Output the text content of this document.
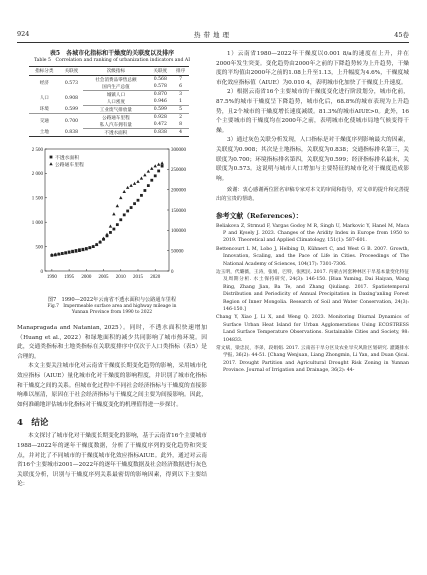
924	热带地理	45卷
表5　各城市化指标和干燥度的关联度以及排序
Table 5　Correlation and ranking of urbanization indicators and AI
指标分类	关联度	次级指标	关联度	排序
经济	0.573	社会消费品零售总额	0.568	7
		国内生产总值	0.578	6
人口	0.908	城镇人口	0.870	3
		人口密度	0.946	1
环境	0.599	工业废气排放量	0.599	5
交通	0.700	公路通车里程	0.928	2
		私人汽车拥有量	0.472	8
土地	0.838	不透水面积	0.838	4
1990 1995 2000 2005 2010 2015 2020
0
500
1 000
1 500
2 000
2 500
0
50000
100000
150000
200000
250000
300000
不透水面积
公路通车里程
图7　1990—2022年云南省不透水面积与公路通车里程
Fig.7　Impermeable surface area and highway mileage in
Yunnan Province from 1990 to 2022

Manapragada and Natanian, 2025）。同时，不透水面积快速增加（Huang et al., 2022）和绿地面积的减少共同影响了城市热环境。因此，交通类指标和土地类指标在关联度排序中仅次于人口类指标（表5）是合理的。

本文主要关注城市化对云南省干燥度长期变化趋势的影响，采用城市化效应指标（AIUE）量化城市化对干燥度的影响程度，并识别了城市化指标和干燥度之间的关系。但城市化过程中不同社会经济指标与干燥度的直接影响难以厘清，原因在于社会经济指标与干燥度之间主要为间接影响。因此，如何准确地评估城市化指标对干燥度变化的机理值得进一步探讨。

4　结论

本文探讨了城市化对干燥度长期变化的影响，基于云南省16个主要城市1988—2022年的逐年干燥度数据，分析了干燥度序列的变化趋势和突变点，并对比了不同城市的干燥度城市化效应指标AIUE。此外，通过对云南省16个主要城市2001—2022年的逐年干燥度数据及社会经济数据进行灰色关联度分析，识别与干燥度序列关系最密切的影响因素，得到以下主要结论：

1）云南省1980—2022年干燥度以0.001 8/a的速度在上升，并在2000年发生突变。变化趋势由2000年之前的下降趋势转为上升趋势，干燥度的平均值由2000年之前的1.08上升至1.13，上升幅度为4.6%，干燥度城市化效应指标值（AIUE）为0.010 4，表明城市化加快了干燥度上升速度。

2）根据云南省16个主要城市的干燥度变化进行阶段划分，城市化前，87.5%的城市干燥度呈下降趋势，城市化后，68.8%的城市表现为上升趋势，且2个城市的干燥度增长速度减缓。81.3%的城市AIUE>0。此外，16个主要城市的干燥度均在2000年之前，表明城市化使城市局地气候变得干燥。

3）通过灰色关联分析发现，人口指标是对干燥度序列影响最大的因素，关联度为0.908；其次是土地指标，关联度为0.838；交通指标排名第三，关联度为0.700；环境指标排名第四，关联度为0.599；经济指标排名最末，关联度为0.573。这说明与城市人口增加与主要特征的城市化对于燥度造成影响。

致谢：衷心感谢两位匿名审稿专家对本文的审阅和指导，对文章的提升和完善提出的宝贵的帮助。

参考文献（References）：
Beliakova Z, Strmud F, Vargas Godoy M R, Singh U, Markovic Y, Hanel M, Maca P and Kysely J. 2023. Changes of the Aridity Index in Europe from 1950 to 2019. Theoretical and Applied Climatology, 151(1): 587-601.
Bettencourt L M, Lobo J, Helbing D, Kühnert C, and West G B. 2007. Growth, Innovation, Scaling, and the Pace of Life in Cities. Proceedings of The National Academy of Sciences, 104(17): 7301-7306.
边玉明，代璐薇，王涛，张娟，巴特，张熙民. 2017. 内蒙古河套种林区干旱基本量变化特征及周期分析. 水土保持研究, 24(3): 146-150. [Bian Yuming, Dai Haiyan, Wang Bing, Zhang Jian, Ba Te, and Zhang Qiuliang. 2017. Spatiotemporal Distribution and Periodicity of Annual Precipitation in Daxing'anling Forest Region of Inner Mongolia. Research of Soil and Water Conservation, 24(3): 146-150.]
Chang Y, Xiao J, Li X, and Weng Q. 2023. Monitoring Diurnal Dynamics of Surface Urban Heat Island for Urban Agglomerations Using ECOSTRESS Land Surface Temperature Observations. Sustainable Cities and Society, 98: 104833.
常文斌，梁忠民，李弟，段娟娟. 2017. 云南省干旱分区及农业旱灾风险区划研究. 灌溉排水学报, 36(2): 44-51. [Chang Wenjuan, Liang Zhongmin, Li Yan, and Duan Qicai. 2017. Drought Partition and Agricultural Drought Risk Zoning in Yunnan Province. Journal of Irrigation and Drainage, 36(2): 44-
